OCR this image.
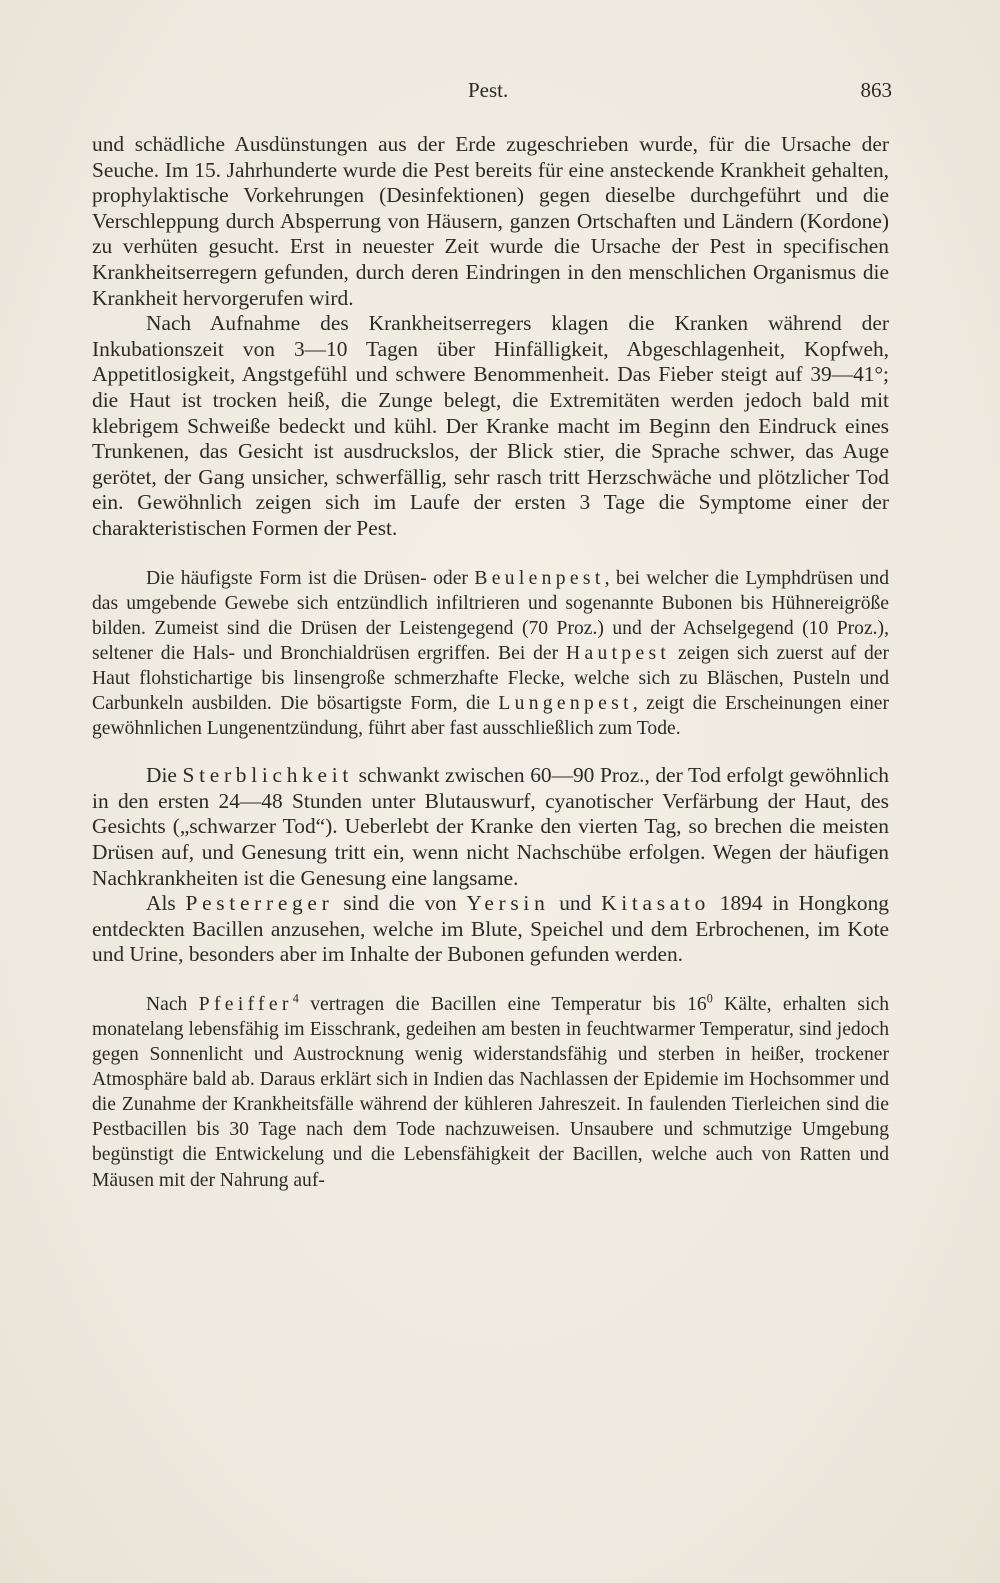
Pest.	863

und schädliche Ausdünstungen aus der Erde zugeschrieben wurde, für die Ursache der Seuche. Im 15. Jahrhunderte wurde die Pest bereits für eine ansteckende Krankheit gehalten, prophylaktische Vorkehrungen (Desinfektionen) gegen dieselbe durchgeführt und die Verschleppung durch Absperrung von Häusern, ganzen Ortschaften und Ländern (Kordone) zu verhüten gesucht. Erst in neuester Zeit wurde die Ursache der Pest in specifischen Krankheitserregern gefunden, durch deren Eindringen in den menschlichen Organismus die Krankheit hervorgerufen wird.

Nach Aufnahme des Krankheitserregers klagen die Kranken während der Inkubationszeit von 3—10 Tagen über Hinfälligkeit, Abgeschlagenheit, Kopfweh, Appetitlosigkeit, Angstgefühl und schwere Benommenheit. Das Fieber steigt auf 39—41°; die Haut ist trocken heiß, die Zunge belegt, die Extremitäten werden jedoch bald mit klebrigem Schweiße bedeckt und kühl. Der Kranke macht im Beginn den Eindruck eines Trunkenen, das Gesicht ist ausdruckslos, der Blick stier, die Sprache schwer, das Auge gerötet, der Gang unsicher, schwerfällig, sehr rasch tritt Herzschwäche und plötzlicher Tod ein. Gewöhnlich zeigen sich im Laufe der ersten 3 Tage die Symptome einer der charakteristischen Formen der Pest.

Die häufigste Form ist die Drüsen- oder Beulenpest, bei welcher die Lymphdrüsen und das umgebende Gewebe sich entzündlich infiltrieren und sogenannte Bubonen bis Hühnereigröße bilden. Zumeist sind die Drüsen der Leistengegend (70 Proz.) und der Achselgegend (10 Proz.), seltener die Hals- und Bronchialdrüsen ergriffen. Bei der Hautpest zeigen sich zuerst auf der Haut flohstichartige bis linsengroße schmerzhafte Flecke, welche sich zu Bläschen, Pusteln und Carbunkeln ausbilden. Die bösartigste Form, die Lungenpest, zeigt die Erscheinungen einer gewöhnlichen Lungenentzündung, führt aber fast ausschließlich zum Tode.

Die Sterblichkeit schwankt zwischen 60—90 Proz., der Tod erfolgt gewöhnlich in den ersten 24—48 Stunden unter Blutauswurf, cyanotischer Verfärbung der Haut, des Gesichts („schwarzer Tod“). Ueberlebt der Kranke den vierten Tag, so brechen die meisten Drüsen auf, und Genesung tritt ein, wenn nicht Nachschübe erfolgen. Wegen der häufigen Nachkrankheiten ist die Genesung eine langsame.

Als Pesterreger sind die von Yersin und Kitasato 1894 in Hongkong entdeckten Bacillen anzusehen, welche im Blute, Speichel und dem Erbrochenen, im Kote und Urine, besonders aber im Inhalte der Bubonen gefunden werden.

Nach Pfeiffer$^4$ vertragen die Bacillen eine Temperatur bis $16^0$ Kälte, erhalten sich monatelang lebensfähig im Eisschrank, gedeihen am besten in feuchtwarmer Temperatur, sind jedoch gegen Sonnenlicht und Austrocknung wenig widerstandsfähig und sterben in heißer, trockener Atmosphäre bald ab. Daraus erklärt sich in Indien das Nachlassen der Epidemie im Hochsommer und die Zunahme der Krankheitsfälle während der kühleren Jahreszeit. In faulenden Tierleichen sind die Pestbacillen bis 30 Tage nach dem Tode nachzuweisen. Unsaubere und schmutzige Umgebung begünstigt die Entwickelung und die Lebensfähigkeit der Bacillen, welche auch von Ratten und Mäusen mit der Nahrung auf-
